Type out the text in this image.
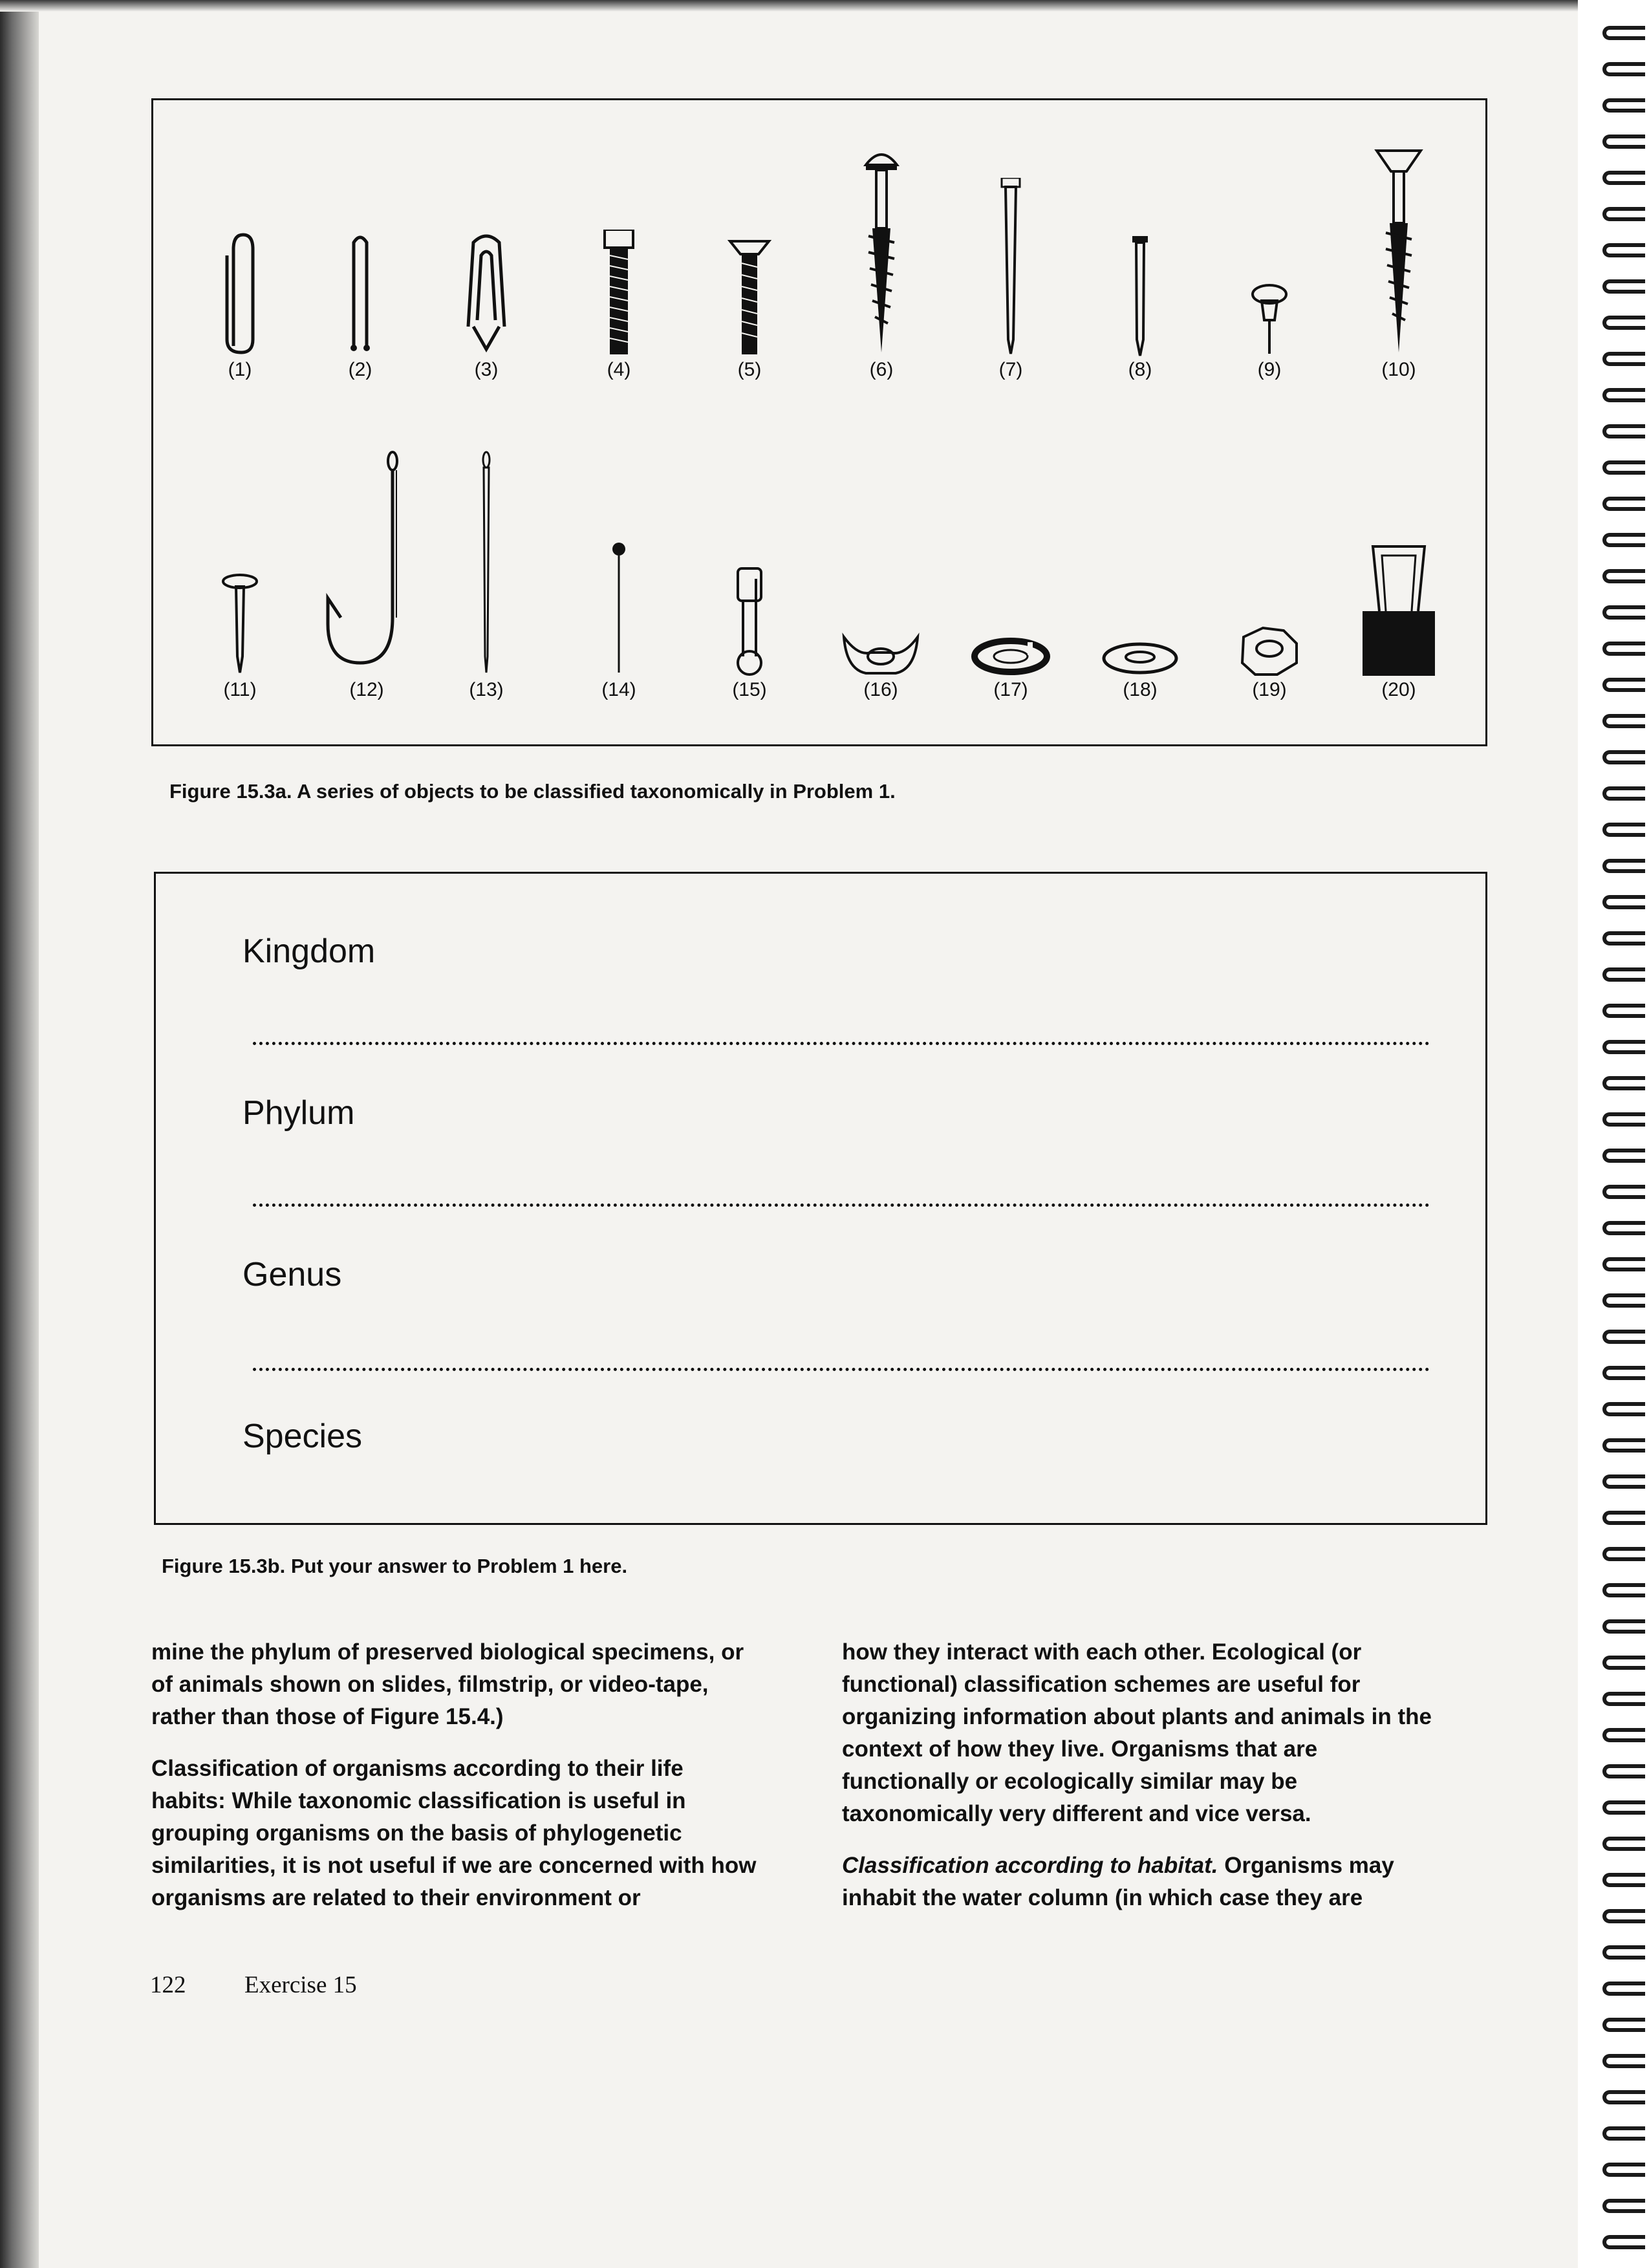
(1)	(2)	(3)	(4)	(5)	(6)	(7)	(8)	(9)	(10)
(11)	(12)	(13)	(14)	(15)	(16)	(17)	(18)	(19)	(20)
Figure 15.3a. A series of objects to be classified taxonomically in Problem 1.
Kingdom
Phylum
Genus
Species
Figure 15.3b. Put your answer to Problem 1 here.

mine the phylum of preserved biological specimens, or of animals shown on slides, filmstrip, or video-tape, rather than those of Figure 15.4.)

Classification of organisms according to their life habits: While taxonomic classification is useful in grouping organisms on the basis of phylogenetic similarities, it is not useful if we are concerned with how organisms are related to their environment or

how they interact with each other. Ecological (or functional) classification schemes are useful for organizing information about plants and animals in the context of how they live. Organisms that are functionally or ecologically similar may be taxonomically very different and vice versa.

Classification according to habitat. Organisms may inhabit the water column (in which case they are

122 Exercise 15
